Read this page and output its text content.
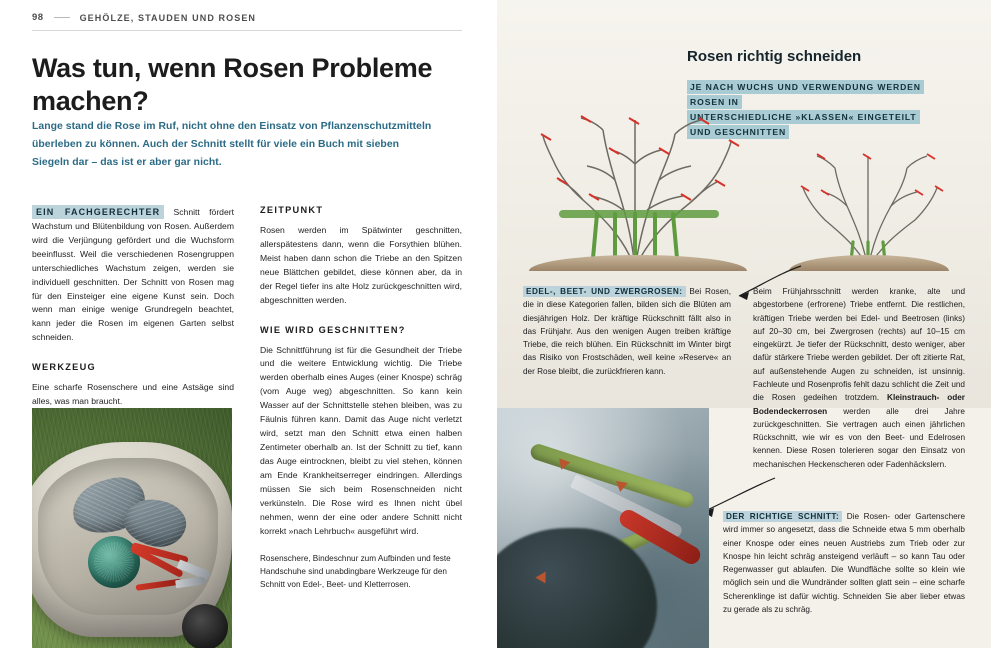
98	GEHÖLZE, STAUDEN UND ROSEN
Was tun, wenn Rosen Probleme machen?
Lange stand die Rose im Ruf, nicht ohne den Einsatz von Pflanzenschutzmitteln überleben zu können. Auch der Schnitt stellt für viele ein Buch mit sieben Siegeln dar – das ist er aber gar nicht.

EIN FACHGERECHTER Schnitt fördert Wachstum und Blütenbildung von Rosen. Außerdem wird die Verjüngung gefördert und die Wuchsform beeinflusst. Weil die verschiedenen Rosengruppen unterschiedliches Wachstum zeigen, werden sie individuell geschnitten. Der Schnitt von Rosen mag für den Einsteiger eine eigene Kunst sein. Doch wenn man einige wenige Grundregeln beachtet, kann jeder die Rosen im eigenen Garten selbst schneiden.

WERKZEUG

Eine scharfe Rosenschere und eine Astsäge sind alles, was man braucht.

ZEITPUNKT

Rosen werden im Spätwinter geschnitten, allerspätestens dann, wenn die Forsythien blühen. Meist haben dann schon die Triebe an den Spitzen neue Blättchen gebildet, diese können aber, da in der Regel tiefer ins alte Holz zurückgeschnitten wird, abgeschnitten werden.

WIE WIRD GESCHNITTEN?

Die Schnittführung ist für die Gesundheit der Triebe und die weitere Entwicklung wichtig. Die Triebe werden oberhalb eines Auges (einer Knospe) schräg (vom Auge weg) abgeschnitten. So kann kein Wasser auf der Schnittstelle stehen bleiben, was zu Fäulnis führen kann. Damit das Auge nicht verletzt wird, setzt man den Schnitt etwa einen halben Zentimeter oberhalb an. Ist der Schnitt zu tief, kann das Auge eintrocknen, bleibt zu viel stehen, können am Ende Krankheitserreger eindringen. Allerdings müssen Sie sich beim Rosenschneiden nicht verkünsteln. Die Rose wird es Ihnen nicht übel nehmen, wenn der eine oder andere Schnitt nicht korrekt »nach Lehrbuch« ausgeführt wird.

Rosenschere, Bindeschnur zum Aufbinden und feste Handschuhe sind unabdingbare Werkzeuge für den Schnitt von Edel-, Beet- und Kletterrosen.
Rosen richtig schneiden
JE NACH WUCHS UND VERWENDUNG WERDEN ROSEN IN
UNTERSCHIEDLICHE »KLASSEN« EINGETEILT UND GESCHNITTEN
EDEL-, BEET- UND ZWERGROSEN: Bei Rosen, die in diese Kategorien fallen, bilden sich die Blüten am diesjährigen Holz. Der kräftige Rückschnitt fällt also in das Frühjahr. Aus den wenigen Augen treiben kräftige Triebe, die reich blühen. Ein Rückschnitt im Winter birgt das Risiko von Frostschäden, weil keine »Reserve« an der Rose bleibt, die zurückfrieren kann.
Beim Frühjahrsschnitt werden kranke, alte und abgestorbene (erfrorene) Triebe entfernt. Die restlichen, kräftigen Triebe werden bei Edel- und Beetrosen (links) auf 20–30 cm, bei Zwergrosen (rechts) auf 10–15 cm eingekürzt. Je tiefer der Rückschnitt, desto weniger, aber dafür stärkere Triebe werden gebildet. Der oft zitierte Rat, auf außenstehende Augen zu schneiden, ist unsinnig. Fachleute und Rosenprofis fehlt dazu schlicht die Zeit und die Rosen gedeihen trotzdem. Kleinstrauch- oder Bodendeckerrosen werden alle drei Jahre zurückgeschnitten. Sie vertragen auch einen jährlichen Rückschnitt, wie wir es von den Beet- und Edelrosen kennen. Diese Rosen tolerieren sogar den Einsatz von mechanischen Heckenscheren oder Fadenhäckslern.
DER RICHTIGE SCHNITT: Die Rosen- oder Gartenschere wird immer so angesetzt, dass die Schneide etwa 5 mm oberhalb einer Knospe oder eines neuen Austriebs zum Trieb oder zur Knospe hin leicht schräg ansteigend verläuft – so kann Tau oder Regenwasser gut ablaufen. Die Wundfläche sollte so klein wie möglich sein und die Wundränder sollten glatt sein – eine scharfe Scherenklinge ist dafür wichtig. Schneiden Sie aber lieber etwas zu gerade als zu schräg.
